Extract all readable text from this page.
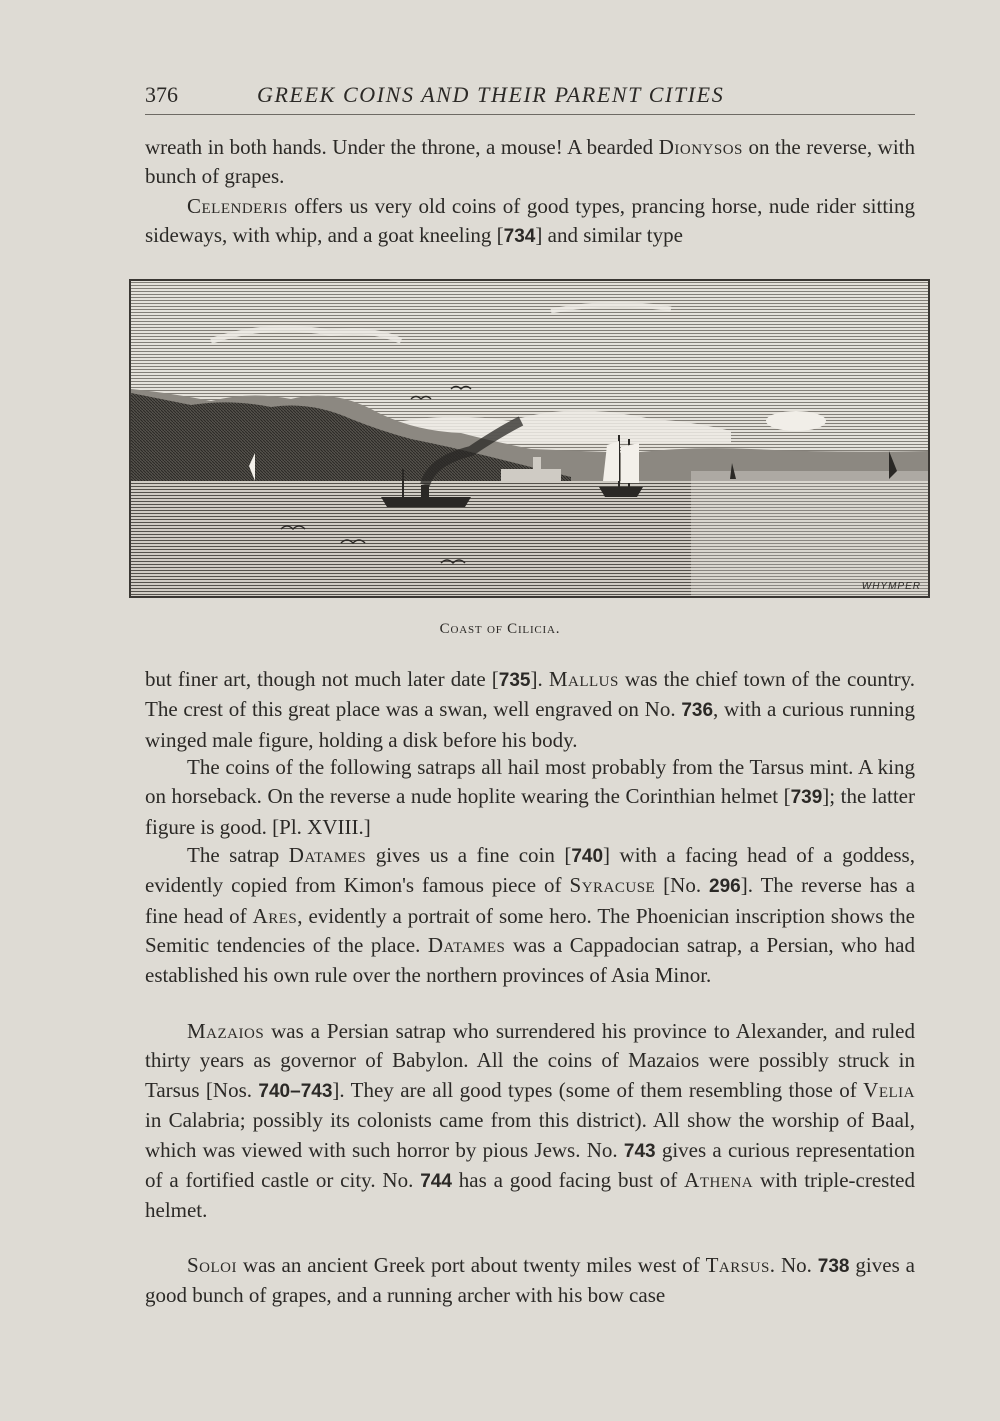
376	GREEK COINS AND THEIR PARENT CITIES

wreath in both hands. Under the throne, a mouse! A bearded Dionysos on the reverse, with bunch of grapes.

Celenderis offers us very old coins of good types, prancing horse, nude rider sitting sideways, with whip, and a goat kneeling [734] and similar type

WHYMPER
Coast of Cilicia.

but finer art, though not much later date [735]. Mallus was the chief town of the country. The crest of this great place was a swan, well engraved on No. 736, with a curious running winged male figure, holding a disk before his body.

The coins of the following satraps all hail most probably from the Tarsus mint. A king on horseback. On the reverse a nude hoplite wearing the Corinthian helmet [739]; the latter figure is good. [Pl. XVIII.]

The satrap Datames gives us a fine coin [740] with a facing head of a goddess, evidently copied from Kimon's famous piece of Syracuse [No. 296]. The reverse has a fine head of Ares, evidently a portrait of some hero. The Phoenician inscription shows the Semitic tendencies of the place. Datames was a Cappadocian satrap, a Persian, who had established his own rule over the northern provinces of Asia Minor.

Mazaios was a Persian satrap who surrendered his province to Alexander, and ruled thirty years as governor of Babylon. All the coins of Mazaios were possibly struck in Tarsus [Nos. 740–743]. They are all good types (some of them resembling those of Velia in Calabria; possibly its colonists came from this district). All show the worship of Baal, which was viewed with such horror by pious Jews. No. 743 gives a curious representation of a fortified castle or city. No. 744 has a good facing bust of Athena with triple-crested helmet.

Soloi was an ancient Greek port about twenty miles west of Tarsus. No. 738 gives a good bunch of grapes, and a running archer with his bow case
